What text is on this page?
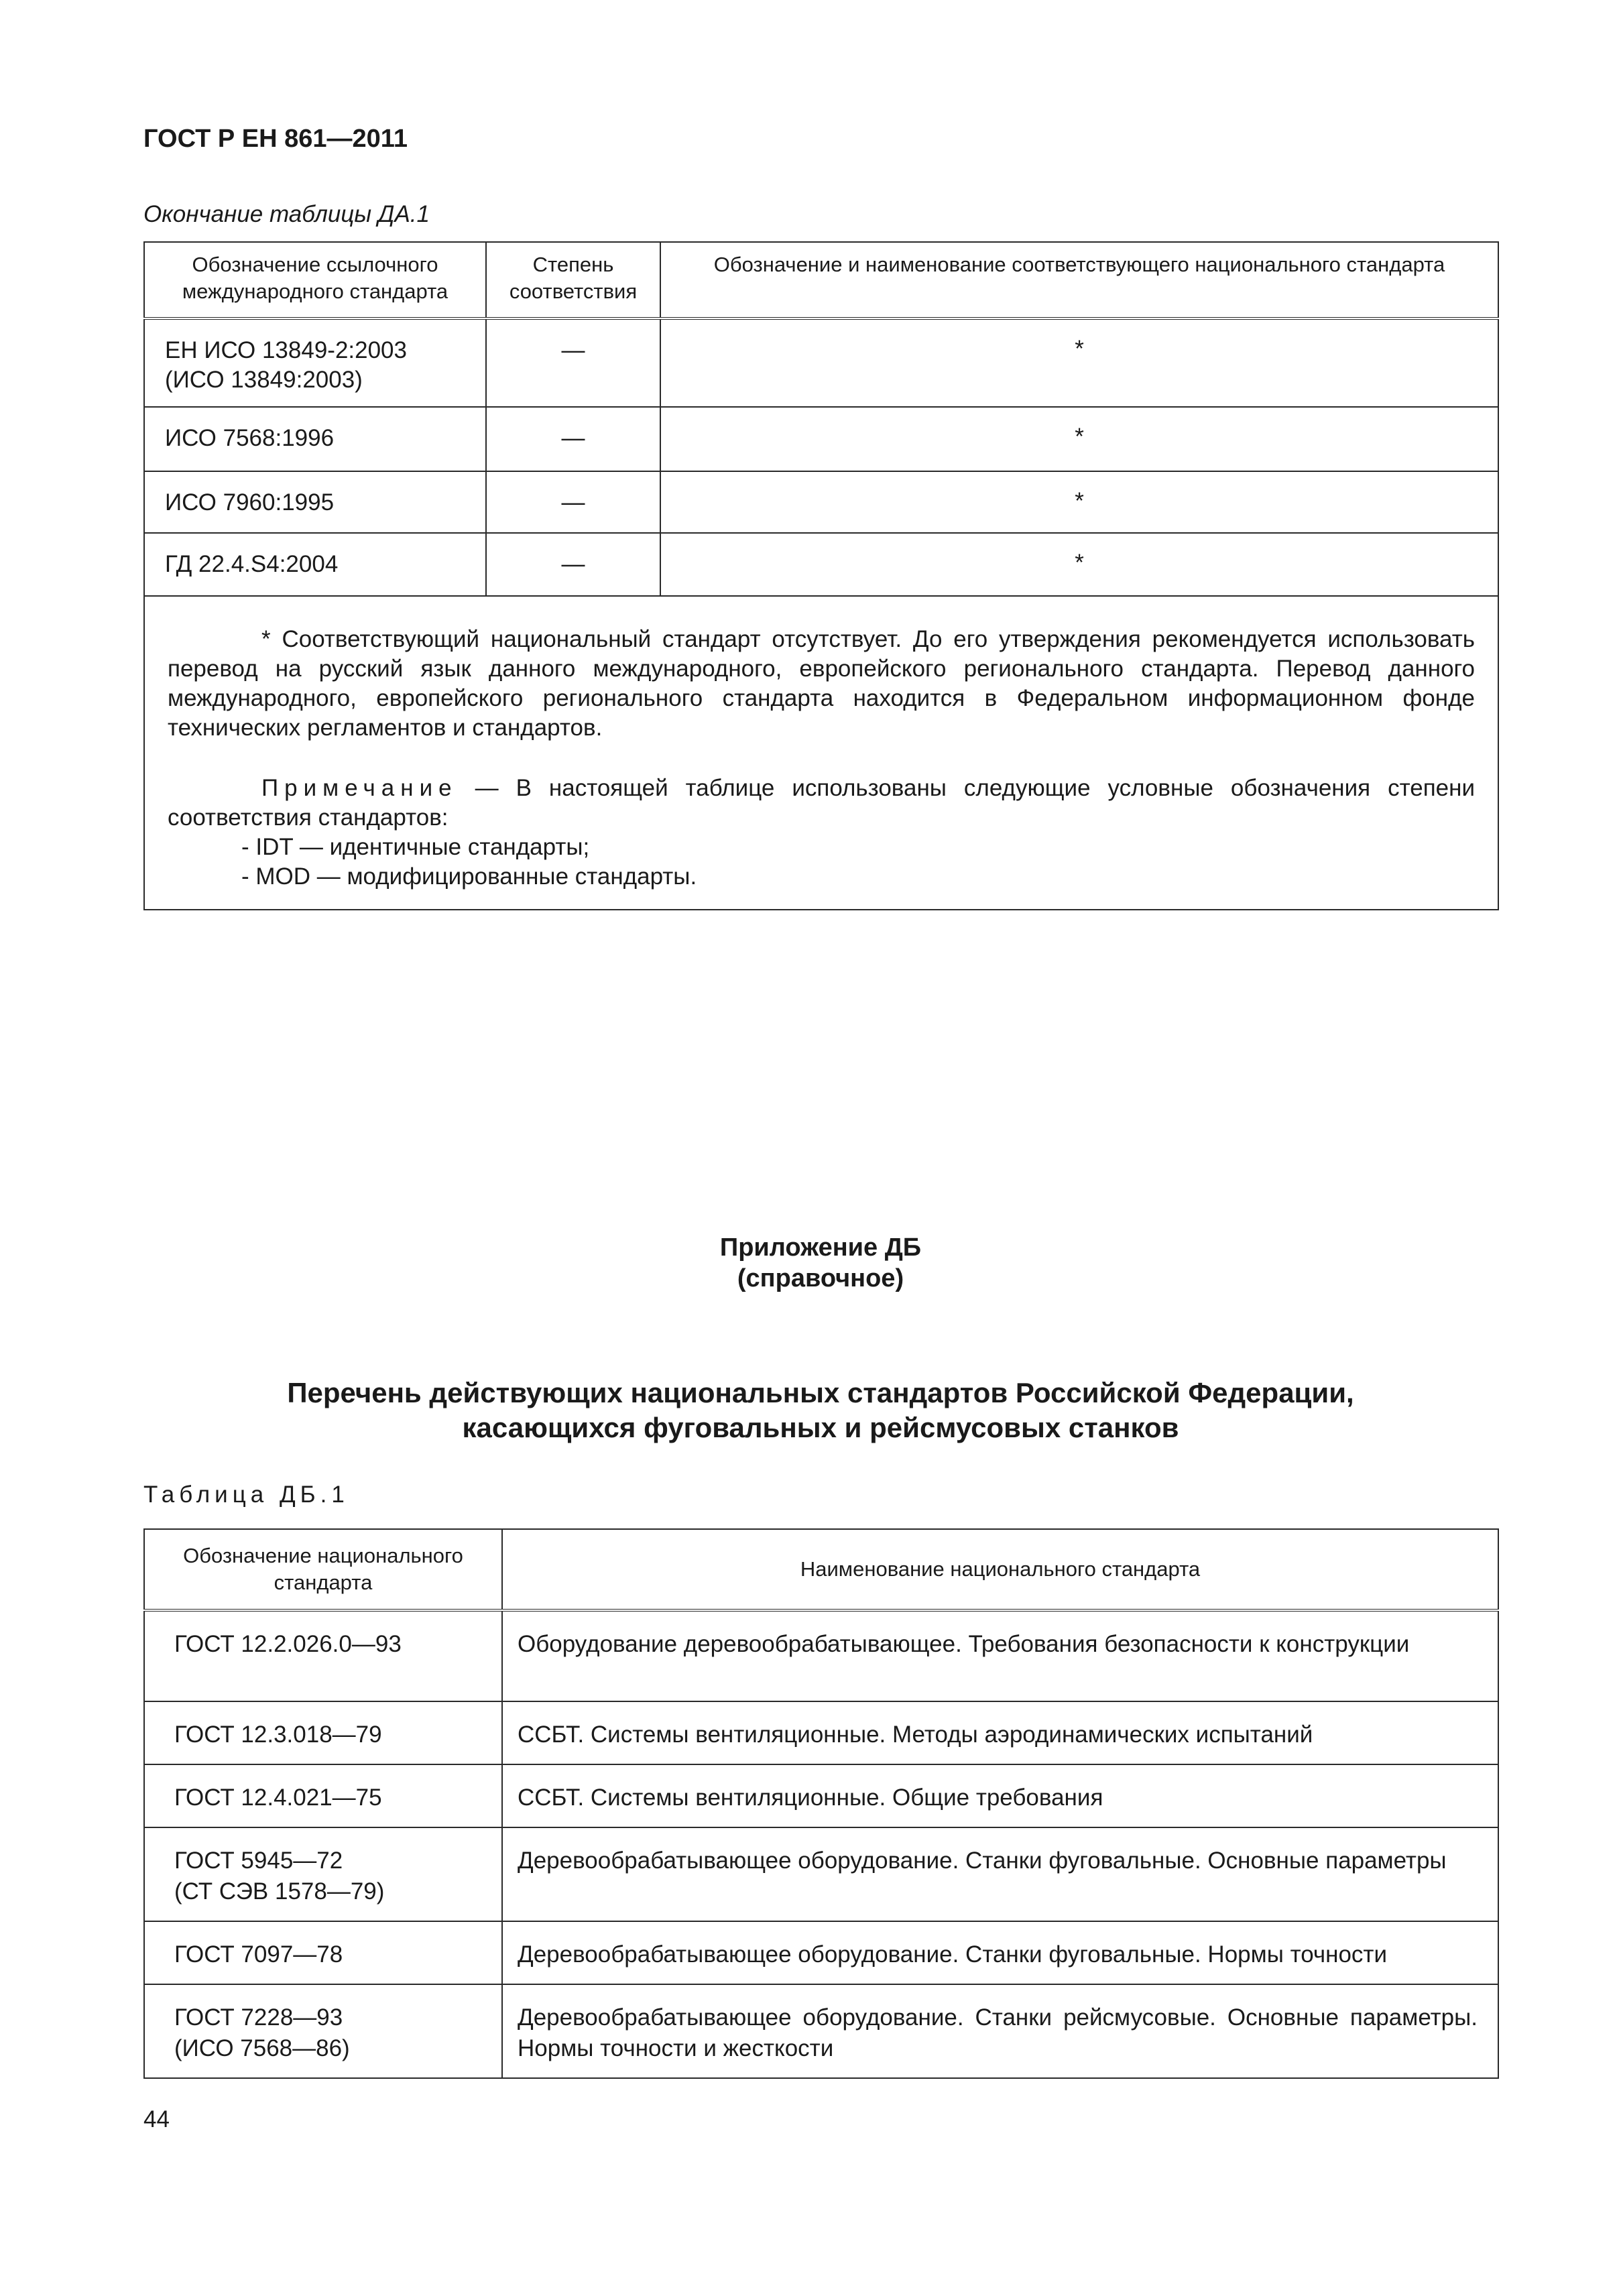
ГОСТ Р ЕН 861—2011
Окончание таблицы ДА.1
Обозначение ссылочного международного стандарта	Степень соответствия	Обозначение и наименование соответствующего национального стандарта

ЕН ИСО 13849-2:2003
(ИСО 13849:2003)	—	*

ИСО 7568:1996	—	*

ИСО 7960:1995	—	*

ГД 22.4.S4:2004	—	*

* Соответствующий национальный стандарт отсутствует. До его утверждения рекомендуется использовать перевод на русский язык данного международного, европейского регионального стандарта. Перевод данного международного, европейского регионального стандарта находится в Федеральном информационном фонде технических регламентов и стандартов.

Примечание — В настоящей таблице использованы следующие условные обозначения степени соответствия стандартов:

- IDT — идентичные стандарты;

- MOD — модифицированные стандарты.		

Приложение ДБ
(справочное)
Перечень действующих национальных стандартов Российской Федерации,
касающихся фуговальных и рейсмусовых станков
Таблица ДБ.1
Обозначение национального стандарта	Наименование национального стандарта

ГОСТ 12.2.026.0—93	Оборудование деревообрабатывающее. Требования безопасности к конструкции

ГОСТ 12.3.018—79	ССБТ. Системы вентиляционные. Методы аэродинамических испытаний

ГОСТ 12.4.021—75	ССБТ. Системы вентиляционные. Общие требования

ГОСТ 5945—72
(СТ СЭВ 1578—79)	Деревообрабатывающее оборудование. Станки фуговальные. Основные параметры

ГОСТ 7097—78	Деревообрабатывающее оборудование. Станки фуговальные. Нормы точности

ГОСТ 7228—93
(ИСО 7568—86)	Деревообрабатывающее оборудование. Станки рейсмусовые. Основные параметры. Нормы точности и жесткости
44
